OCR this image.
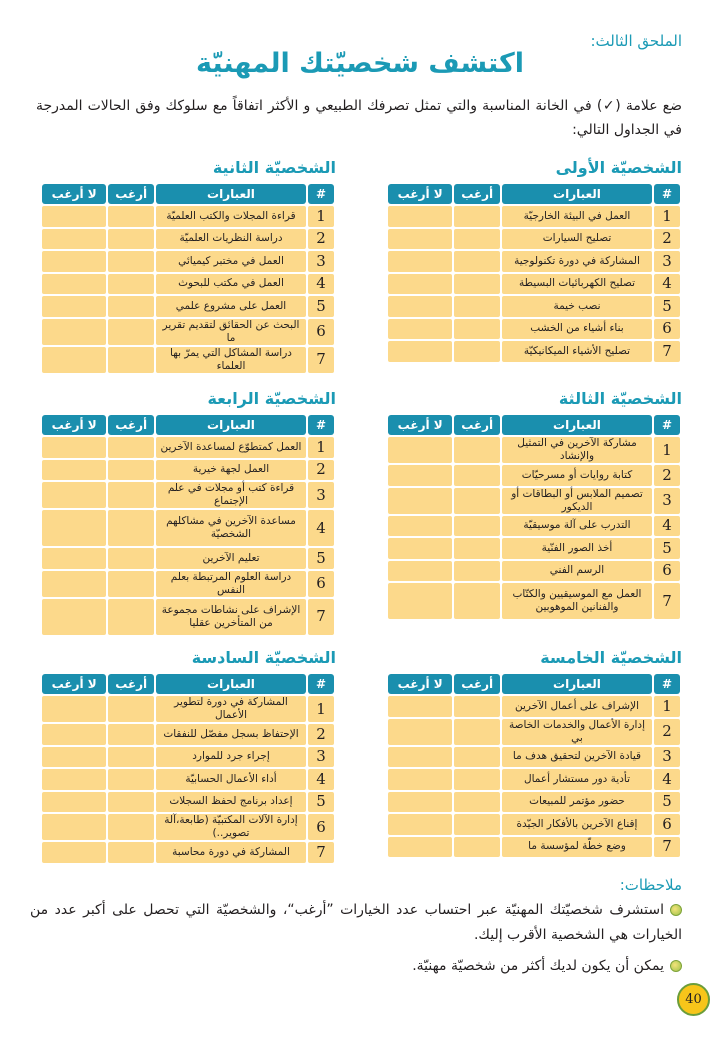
الملحق الثالث:
اكتشف شخصيّتك المهنيّة

ضع علامة (✓) في الخانة المناسبة والتي تمثل تصرفك الطبيعي و الأكثر اتفاقاً مع سلوكك وفق الحالات المدرجة في الجداول التالي:

الشخصيّة الأولى
#	العبارات	أرغب	لا أرغب
1	العمل في البيئة الخارجيّة		
2	تصليح السيارات		
3	المشاركة في دورة تكنولوجية		
4	تصليح الكهربائيات البسيطة		
5	نصب خيمة		
6	بناء أشياء من الخشب		
7	تصليح الأشياء الميكانيكيّة		
الشخصيّة الثانية
#	العبارات	أرغب	لا أرغب
1	قراءة المجلات والكتب العلميّة		
2	دراسة النظريات العلميّة		
3	العمل في مختبر كيميائي		
4	العمل في مكتب للبحوث		
5	العمل على مشروع علمي		
6	البحث عن الحقائق لتقديم تقرير ما		
7	دراسة المشاكل التي يمرّ بها العلماء		
الشخصيّة الثالثة
#	العبارات	أرغب	لا أرغب
1	مشاركة الآخرين في التمثيل والإنشاد		
2	كتابة روايات أو مسرحيّات		
3	تصميم الملابس أو البطاقات أو الديكور		
4	التدرب على آلة موسيقيّة		
5	أخذ الصور الفنّية		
6	الرسم الفني		
7	العمل مع الموسيقيين والكتّاب والفنانين الموهوبين		
الشخصيّة الرابعة
#	العبارات	أرغب	لا أرغب
1	العمل كمتطوّع لمساعدة الآخرين		
2	العمل لجهة خيرية		
3	قراءة كتب أو مجلات في علم الإجتماع		
4	مساعدة الآخرين في مشاكلهم الشخصيّة		
5	تعليم الآخرين		
6	دراسة العلوم المرتبطة بعلم النفس		
7	الإشراف على نشاطات مجموعة من المتأخرين عقليا		
الشخصيّة الخامسة
#	العبارات	أرغب	لا أرغب
1	الإشراف على أعمال الآخرين		
2	إدارة الأعمال والخدمات الخاصة بي		
3	قيادة الآخرين لتحقيق هدف ما		
4	تأدية دور مستشار أعمال		
5	حضور مؤتمر للمبيعات		
6	إقناع الآخرين بالأفكار الجيّدة		
7	وضع خطّة لمؤسسة ما		
الشخصيّة السادسة
#	العبارات	أرغب	لا أرغب
1	المشاركة في دورة لتطوير الأعمال		
2	الإحتفاظ بسجل مفصّل للنفقات		
3	إجراء جرد للموارد		
4	أداء الأعمال الحسابيّة		
5	إعداد برنامج لحفظ السجلات		
6	إدارة الآلات المكتبيّة (طابعة،آلة تصوير..)		
7	المشاركة في دورة محاسبة		
ملاحظات:
استشرف شخصيّتك المهنيّة عبر احتساب عدد الخيارات ”أرغب“، والشخصيّة التي تحصل على أكبر عدد من الخيارات هي الشخصية الأقرب إليك.
يمكن أن يكون لديك أكثر من شخصيّة مهنيّة.
40
